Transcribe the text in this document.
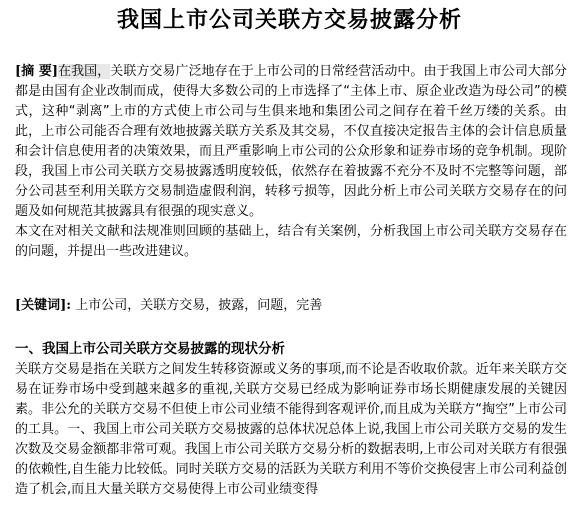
我国上市公司关联方交易披露分析

[摘 要]在我国，关联方交易广泛地存在于上市公司的日常经营活动中。由于我国上市公司大部分都是由国有企业改制而成，使得大多数公司的上市选择了“主体上市、原企业改造为母公司”的模式，这种“剥离”上市的方式使上市公司与生俱来地和集团公司之间存在着千丝万缕的关系。由此，上市公司能否合理有效地披露关联方关系及其交易，不仅直接决定报告主体的会计信息质量和会计信息使用者的决策效果，而且严重影响上市公司的公众形象和证券市场的竞争机制。现阶段，我国上市公司关联方交易披露透明度较低，依然存在着披露不充分不及时不完整等问题，部分公司甚至利用关联方交易制造虚假利润，转移亏损等，因此分析上市公司关联方交易存在的问题及如何规范其披露具有很强的现实意义。

本文在对相关文献和法规准则回顾的基础上，结合有关案例，分析我国上市公司关联方交易存在的问题，并提出一些改进建议。

[关键词]: 上市公司，关联方交易，披露，问题，完善
一、我国上市公司关联方交易披露的现状分析

关联方交易是指在关联方之间发生转移资源或义务的事项,而不论是否收取价款。近年来关联方交易在证券市场中受到越来越多的重视,关联方交易已经成为影响证券市场长期健康发展的关键因素。非公允的关联方交易不但使上市公司业绩不能得到客观评价,而且成为关联方“掏空”上市公司的工具。一、我国上市公司关联方交易披露的总体状况总体上说,我国上市公司关联方交易的发生次数及交易金额都非常可观。我国上市公司关联方交易分析的数据表明,上市公司对关联方有很强的依赖性,自生能力比较低。同时关联方交易的活跃为关联方利用不等价交换侵害上市公司利益创造了机会,而且大量关联方交易使得上市公司业绩变得
